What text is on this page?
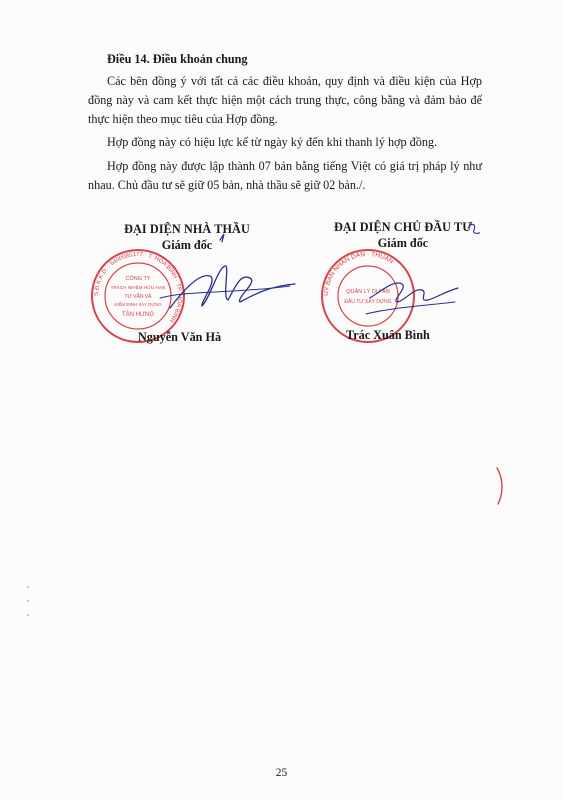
Điều 14. Điều khoản chung
Các bên đồng ý với tất cả các điều khoản, quy định và điều kiện của Hợp đồng này và cam kết thực hiện một cách trung thực, công bằng và đảm bảo để thực hiện theo mục tiêu của Hợp đồng.
Hợp đồng này có hiệu lực kể từ ngày ký đến khi thanh lý hợp đồng.
Hợp đồng này được lập thành 07 bản bằng tiếng Việt có giá trị pháp lý như nhau. Chủ đầu tư sẽ giữ 05 bản, nhà thầu sẽ giữ 02 bản./.
ĐẠI DIỆN NHÀ THẦU
Giám đốc
S.Đ.K.K.D. : 5400085177 · T. HÒA BÌNH · TP. HÒA BÌNH
CÔNG TY
TRÁCH NHIỆM HỮU HẠN
TƯ VẤN VÀ
KIỂM ĐỊNH XÂY DỰNG
TÂN HƯNG
Nguyễn Văn Hà
ĐẠI DIỆN CHỦ ĐẦU TƯ
Giám đốc
ỦY BAN NHÂN DÂN · THUẬN
QUẢN LÝ DỰ ÁN
ĐẦU TƯ XÂY DỰNG
Trác Xuân Bình
25
